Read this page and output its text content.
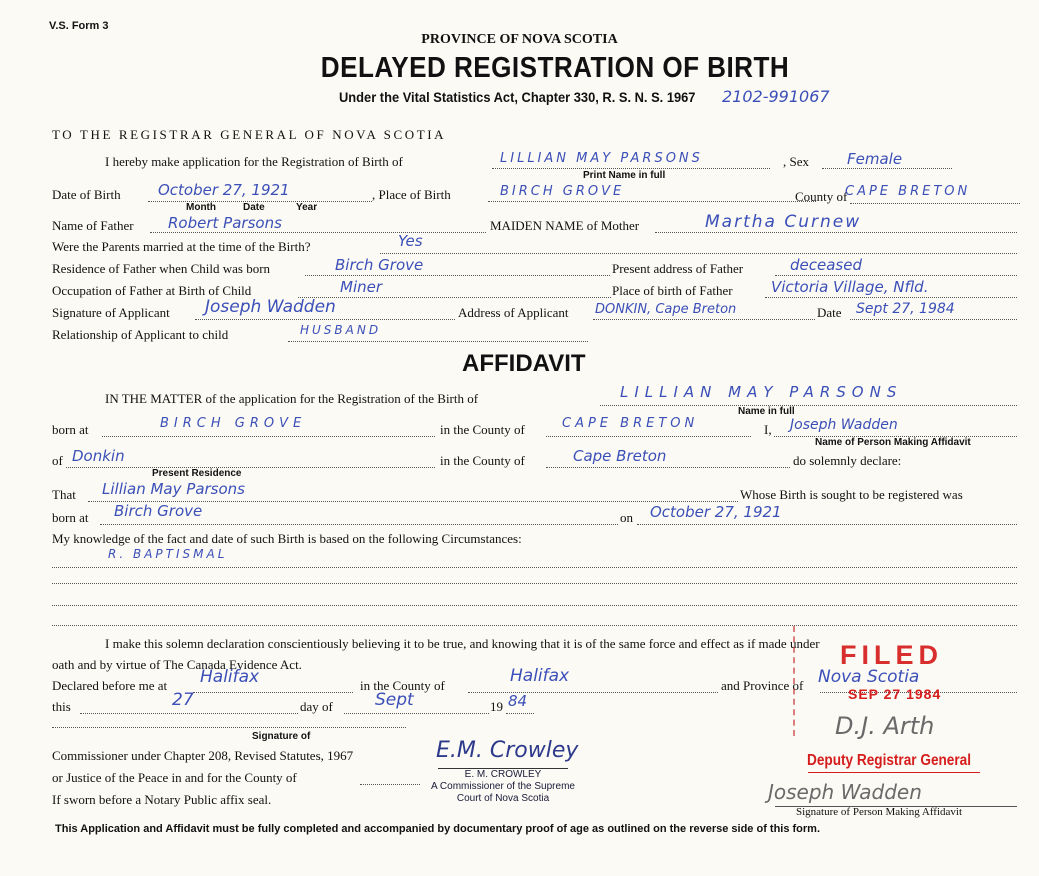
V.S. Form 3
PROVINCE OF NOVA SCOTIA
DELAYED REGISTRATION OF BIRTH
Under the Vital Statistics Act, Chapter 330, R. S. N. S. 1967 2102-991067
TO THE REGISTRAR GENERAL OF NOVA SCOTIA
I hereby make application for the Registration of Birth of	LILLIAN MAY PARSONS	, Sex	Female
Print Name in full
Date of Birth October 27, 1921	, Place of Birth	BIRCH GROVE	County of
CAPE BRETON
Month	Date	Year
Name of Father Robert Parsons	MAIDEN NAME of Mother	Martha Curnew
Were the Parents married at the time of the Birth?	Yes
Residence of Father when Child was born	Birch Grove	Present address of Father	deceased
Occupation of Father at Birth of Child	Miner	Place of birth of Father	Victoria Village, Nfld.
Signature of Applicant Joseph Wadden	Address of Applicant DONKIN, Cape Breton	Date Sept 27, 1984
Relationship of Applicant to child	HUSBAND
AFFIDAVIT
IN THE MATTER of the application for the Registration of the Birth of	LILLIAN MAY PARSONS
Name in full
born at	BIRCH GROVE	in the County of	CAPE BRETON	I, Joseph Wadden
Name of Person Making Affidavit
of Donkin
Present Residence
in the County of	Cape Breton	do solemnly declare:
That Lillian May Parsons	Whose Birth is sought to be registered was
born at Birch Grove	on October 27, 1921
My knowledge of the fact and date of such Birth is based on the following Circumstances:
R. BAPTISMAL
I make this solemn declaration conscientiously believing it to be true, and knowing that it is of the same force and effect as if made under
oath and by virtue of The Canada Evidence Act.
Declared before me at Halifax	in the County of	Halifax	and Province of Nova Scotia
this	27	day of Sept	19 84
Signature of
Commissioner under Chapter 208, Revised Statutes, 1967
or Justice of the Peace in and for the County of
If sworn before a Notary Public affix seal.
E.M. Crowley
E. M. CROWLEY
A Commissioner of the Supreme
Court of Nova Scotia	Joseph Wadden
Signature of Person Making Affidavit
FILED
SEP 27 1984
D.J. Arth
Deputy Registrar General
This Application and Affidavit must be fully completed and accompanied by documentary proof of age as outlined on the reverse side of this form.
